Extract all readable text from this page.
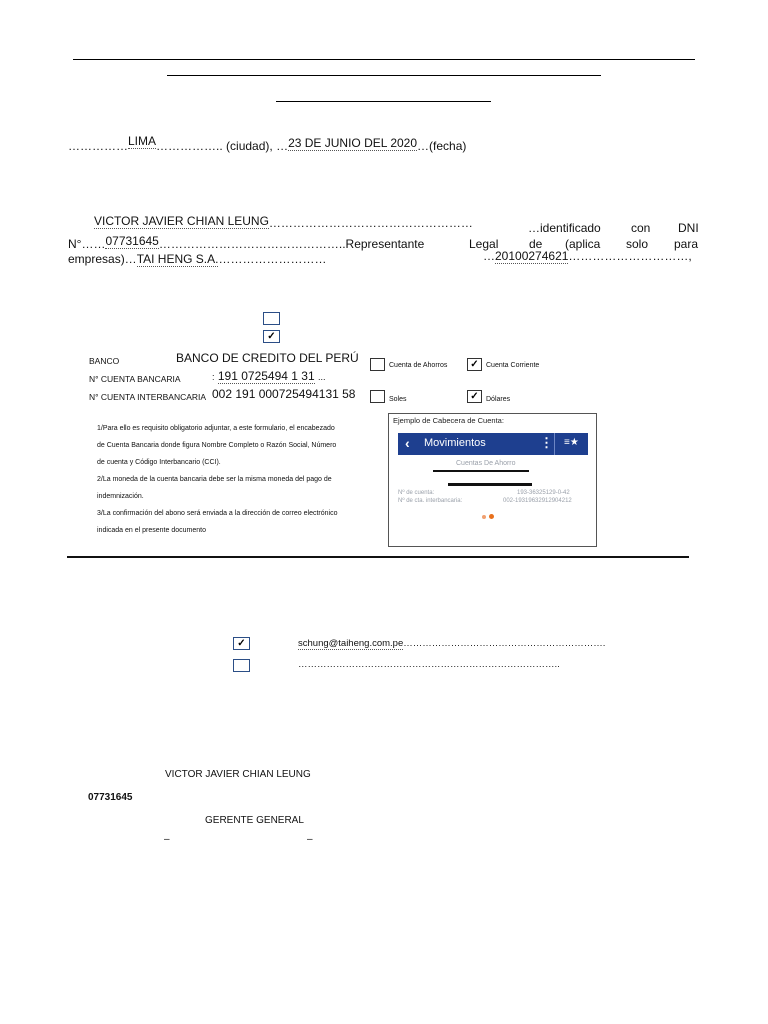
……………LIMA…………….. (ciudad), …23 DE JUNIO DEL 2020…(fecha)
VICTOR JAVIER CHIAN LEUNG……………………………………………	…identificado	con DNI
N°……07731645………………………………………..Representante	Legal	de (aplica solo para
empresas)…TAI HENG S.A.………………………	…20100274621…………………………,
✓
BANCO	BANCO DE CREDITO DEL PERÚ
N° CUENTA BANCARIA	: 191 0725494 1 31 ...
N° CUENTA INTERBANCARIA 002 191 000725494131 58
Cuenta de Ahorros	✓	Cuenta Corriente
Soles	✓	Dólares
1/Para ello es requisito obligatorio adjuntar, a este formulario, el encabezado
de Cuenta Bancaria donde figura Nombre Completo o Razón Social, Número
de cuenta y Código Interbancario (CCI).
2/La moneda de la cuenta bancaria debe ser la misma moneda del pago de
indemnización.
3/La confirmación del abono será enviada a la dirección de correo electrónico
indicada en el presente documento
Ejemplo de Cabecera de Cuenta:
‹ Movimientos	⋮ ≡★
Cuentas De Ahorro
Nº de cuenta:	193-36325129-0-42
Nº de cta. interbancaria:	002-19319632912904212
✓	schung@taiheng.com.pe……………………………………………………….
………………………………………………………………………..
VICTOR JAVIER CHIAN LEUNG
07731645
GERENTE GENERAL
–	–
